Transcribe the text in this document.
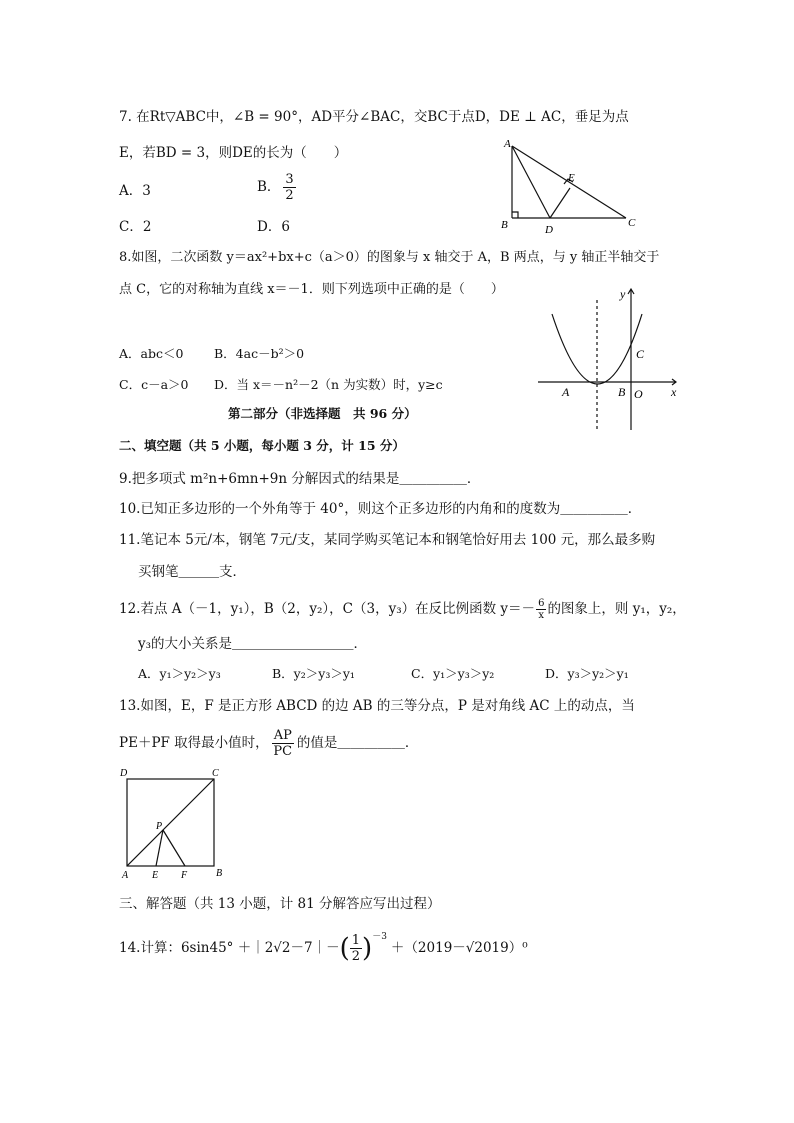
7. 在Rt▽ABC中，∠B = 90°，AD平分∠BAC，交BC于点D，DE ⊥ AC，垂足为点
E，若BD = 3，则DE的长为（　　）
A．3	B． $\frac{3}{2}$
C．2	D．6
A
B	C
D
E
8.如图，二次函数 y＝ax²+bx+c（a＞0）的图象与 x 轴交于 A，B 两点，与 y 轴正半轴交于
点 C，它的对称轴为直线 x＝－1．则下列选项中正确的是（　　）
A．abc＜0 B．4ac－b²＞0
C．c－a＞0 D．当 x＝－n²－2（n 为实数）时，y≥c
y
x
C
A	B O
第二部分（非选择题　共 96 分）
二、填空题（共 5 小题，每小题 3 分，计 15 分）
9.把多项式 m²n+6mn+9n 分解因式的结果是＿＿＿＿＿．
10.已知正多边形的一个外角等于 40°，则这个正多边形的内角和的度数为＿＿＿＿＿．
11.笔记本 5元/本，钢笔 7元/支，某同学购买笔记本和钢笔恰好用去 100 元，那么最多购
买钢笔＿＿＿支．
12.若点 A（－1，y₁），B（2，y₂），C（3，y₃）在反比例函数 $y=- \frac{6}{x}$ 的图象上，则 y₁，y₂，
y₃的大小关系是＿＿＿＿＿＿＿＿＿．
A．y₁＞y₂＞y₃	B．y₂＞y₃＞y₁	C．y₁＞y₃＞y₂	D．y₃＞y₂＞y₁
13.如图，E，F 是正方形 ABCD 的边 AB 的三等分点，P 是对角线 AC 上的动点，当
PE＋PF 取得最小值时， $\frac{AP}{PC}$ 的值是＿＿＿＿＿．
D	C
P
A E F	B
三、解答题（共 13 小题，计 81 分解答应写出过程）
14.计算：6sin45° ＋｜2√2－7｜－( $\frac{1}{2} )^{-3}+(2019-√2019)^0$
